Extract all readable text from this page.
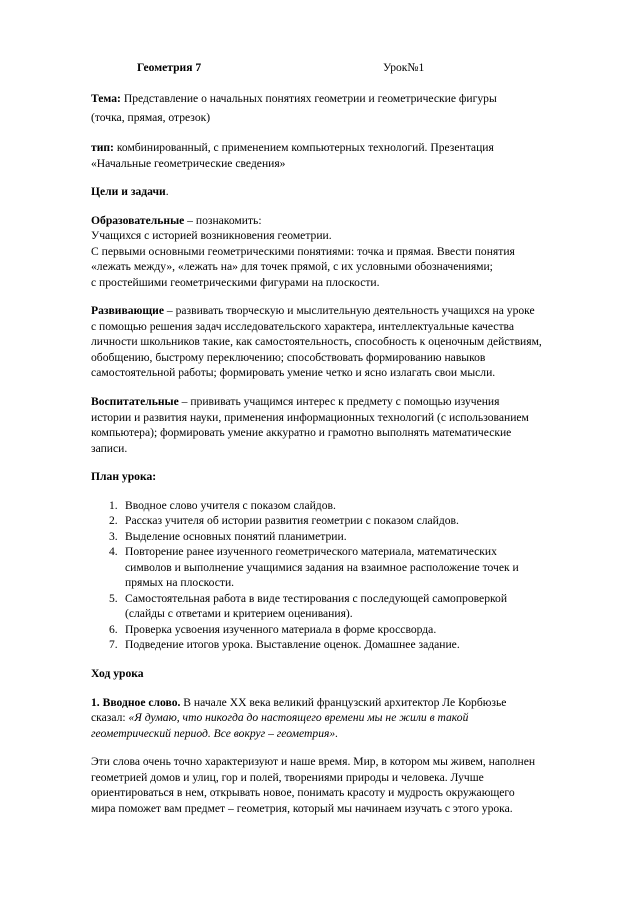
Геометрия 7	Урок№1
Тема: Представление о начальных понятиях геометрии и геометрические фигуры
(точка, прямая, отрезок)
тип: комбинированный, с применением компьютерных технологий. Презентация
«Начальные геометрические сведения»
Цели и задачи.
Образовательные – познакомить:
Учащихся с историей возникновения геометрии.
С первыми основными геометрическими понятиями: точка и прямая. Ввести понятия
«лежать между», «лежать на» для точек прямой, с их условными обозначениями;
с простейшими геометрическими фигурами на плоскости.
Развивающие – развивать творческую и мыслительную деятельность учащихся на уроке
с помощью решения задач исследовательского характера, интеллектуальные качества
личности школьников такие, как самостоятельность, способность к оценочным действиям,
обобщению, быстрому переключению; способствовать формированию навыков
самостоятельной работы; формировать умение четко и ясно излагать свои мысли.
Воспитательные – прививать учащимся интерес к предмету с помощью изучения
истории и развития науки, применения информационных технологий (с использованием
компьютера); формировать умение аккуратно и грамотно выполнять математические
записи.
План урока:
1. Вводное слово учителя с показом слайдов.
2. Рассказ учителя об истории развития геометрии с показом слайдов.
3. Выделение основных понятий планиметрии.
4. Повторение ранее изученного геометрического материала, математических
символов и выполнение учащимися задания на взаимное расположение точек и
прямых на плоскости.
5. Самостоятельная работа в виде тестирования с последующей самопроверкой
(слайды с ответами и критерием оценивания).
6. Проверка усвоения изученного материала в форме кроссворда.
7. Подведение итогов урока. Выставление оценок. Домашнее задание.
Ход урока
1. Вводное слово. В начале ХХ века великий французский архитектор Ле Корбюзье
сказал: «Я думаю, что никогда до настоящего времени мы не жили в такой
геометрический период. Все вокруг – геометрия».
Эти слова очень точно характеризуют и наше время. Мир, в котором мы живем, наполнен
геометрией домов и улиц, гор и полей, творениями природы и человека. Лучше
ориентироваться в нем, открывать новое, понимать красоту и мудрость окружающего
мира поможет вам предмет – геометрия, который мы начинаем изучать с этого урока.
